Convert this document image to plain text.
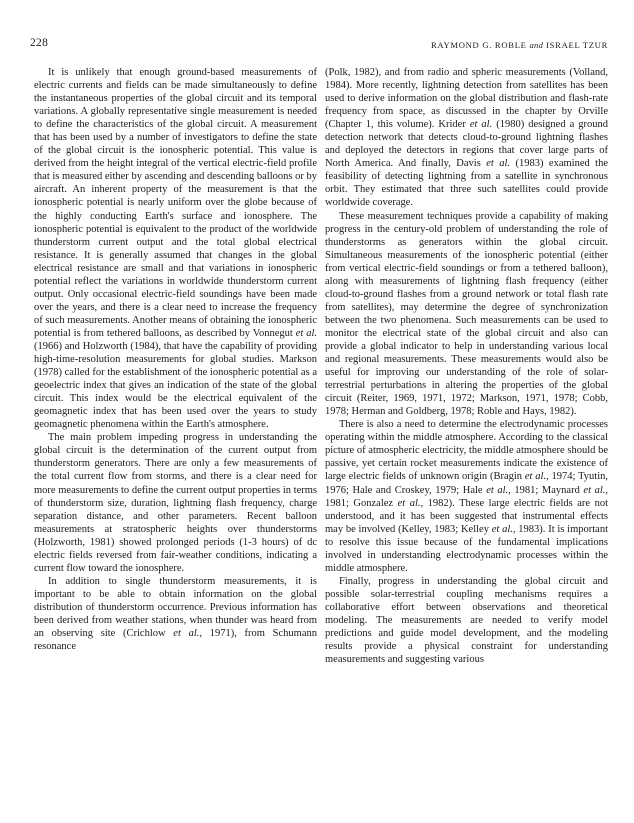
228	RAYMOND G. ROBLE and ISRAEL TZUR

It is unlikely that enough ground-based measurements of electric currents and fields can be made simultaneously to define the instantaneous properties of the global circuit and its temporal variations. A globally representative single measurement is needed to define the characteristics of the global circuit. A measurement that has been used by a number of investigators to define the state of the global circuit is the ionospheric potential. This value is derived from the height integral of the vertical electric-field profile that is measured either by ascending and descending balloons or by aircraft. An inherent property of the measurement is that the ionospheric potential is nearly uniform over the globe because of the highly conducting Earth's surface and ionosphere. The ionospheric potential is equivalent to the product of the worldwide thunderstorm current output and the total global electrical resistance. It is generally assumed that changes in the global electrical resistance are small and that variations in ionospheric potential reflect the variations in worldwide thunderstorm current output. Only occasional electric-field soundings have been made over the years, and there is a clear need to increase the frequency of such measurements. Another means of obtaining the ionospheric potential is from tethered balloons, as described by Vonnegut et al. (1966) and Holzworth (1984), that have the capability of providing high-time-resolution measurements for global studies. Markson (1978) called for the establishment of the ionospheric potential as a geoelectric index that gives an indication of the state of the global circuit. This index would be the electrical equivalent of the geomagnetic index that has been used over the years to study geomagnetic phenomena within the Earth's atmosphere.

The main problem impeding progress in understanding the global circuit is the determination of the current output from thunderstorm generators. There are only a few measurements of the total current flow from storms, and there is a clear need for more measurements to define the current output properties in terms of thunderstorm size, duration, lightning flash frequency, charge separation distance, and other parameters. Recent balloon measurements at stratospheric heights over thunderstorms (Holzworth, 1981) showed prolonged periods (1-3 hours) of dc electric fields reversed from fair-weather conditions, indicating a current flow toward the ionosphere.

In addition to single thunderstorm measurements, it is important to be able to obtain information on the global distribution of thunderstorm occurrence. Previous information has been derived from weather stations, when thunder was heard from an observing site (Crichlow et al., 1971), from Schumann resonance

(Polk, 1982), and from radio and spheric measurements (Volland, 1984). More recently, lightning detection from satellites has been used to derive information on the global distribution and flash-rate frequency from space, as discussed in the chapter by Orville (Chapter 1, this volume). Krider et al. (1980) designed a ground detection network that detects cloud-to-ground lightning flashes and deployed the detectors in regions that cover large parts of North America. And finally, Davis et al. (1983) examined the feasibility of detecting lightning from a satellite in synchronous orbit. They estimated that three such satellites could provide worldwide coverage.

These measurement techniques provide a capability of making progress in the century-old problem of understanding the role of thunderstorms as generators within the global circuit. Simultaneous measurements of the ionospheric potential (either from vertical electric-field soundings or from a tethered balloon), along with measurements of lightning flash frequency (either cloud-to-ground flashes from a ground network or total flash rate from satellites), may determine the degree of synchronization between the two phenomena. Such measurements can be used to monitor the electrical state of the global circuit and also can provide a global indicator to help in understanding various local and regional measurements. These measurements would also be useful for improving our understanding of the role of solar-terrestrial perturbations in altering the properties of the global circuit (Reiter, 1969, 1971, 1972; Markson, 1971, 1978; Cobb, 1978; Herman and Goldberg, 1978; Roble and Hays, 1982).

There is also a need to determine the electrodynamic processes operating within the middle atmosphere. According to the classical picture of atmospheric electricity, the middle atmosphere should be passive, yet certain rocket measurements indicate the existence of large electric fields of unknown origin (Bragin et al., 1974; Tyutin, 1976; Hale and Croskey, 1979; Hale et al., 1981; Maynard et al., 1981; Gonzalez et al., 1982). These large electric fields are not understood, and it has been suggested that instrumental effects may be involved (Kelley, 1983; Kelley et al., 1983). It is important to resolve this issue because of the fundamental implications involved in understanding electrodynamic processes within the middle atmosphere.

Finally, progress in understanding the global circuit and possible solar-terrestrial coupling mechanisms requires a collaborative effort between observations and theoretical modeling. The measurements are needed to verify model predictions and guide model development, and the modeling results provide a physical constraint for understanding measurements and suggesting various
